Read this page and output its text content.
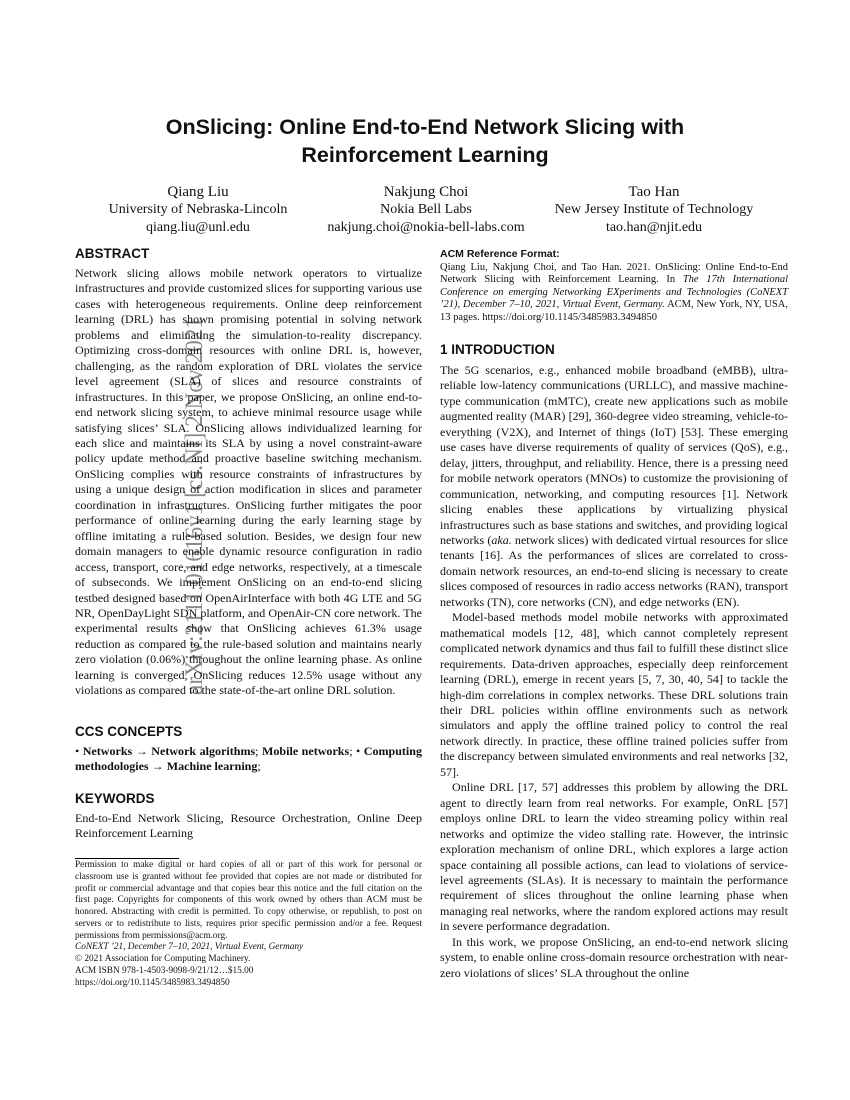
arXiv:2111.01616v1 [cs.NI] 2 Nov 2021
OnSlicing: Online End-to-End Network Slicing with
Reinforcement Learning
Qiang Liu
University of Nebraska-Lincoln
qiang.liu@unl.edu
Nakjung Choi
Nokia Bell Labs
nakjung.choi@nokia-bell-labs.com
Tao Han
New Jersey Institute of Technology
tao.han@njit.edu
ABSTRACT

Network slicing allows mobile network operators to virtualize infrastructures and provide customized slices for supporting various use cases with heterogeneous requirements. Online deep reinforcement learning (DRL) has shown promising potential in solving network problems and eliminating the simulation-to-reality discrepancy. Optimizing cross-domain resources with online DRL is, however, challenging, as the random exploration of DRL violates the service level agreement (SLA) of slices and resource constraints of infrastructures. In this paper, we propose OnSlicing, an online end-to-end network slicing system, to achieve minimal resource usage while satisfying slices’ SLA. OnSlicing allows individualized learning for each slice and maintains its SLA by using a novel constraint-aware policy update method and proactive baseline switching mechanism. OnSlicing complies with resource constraints of infrastructures by using a unique design of action modification in slices and parameter coordination in infrastructures. OnSlicing further mitigates the poor performance of online learning during the early learning stage by offline imitating a rule-based solution. Besides, we design four new domain managers to enable dynamic resource configuration in radio access, transport, core, and edge networks, respectively, at a timescale of subseconds. We implement OnSlicing on an end-to-end slicing testbed designed based on OpenAirInterface with both 4G LTE and 5G NR, OpenDayLight SDN platform, and OpenAir-CN core network. The experimental results show that OnSlicing achieves 61.3% usage reduction as compared to the rule-based solution and maintains nearly zero violation (0.06%) throughout the online learning phase. As online learning is converged, OnSlicing reduces 12.5% usage without any violations as compared to the state-of-the-art online DRL solution.

CCS CONCEPTS

• Networks → Network algorithms; Mobile networks; • Computing methodologies → Machine learning;

KEYWORDS

End-to-End Network Slicing, Resource Orchestration, Online Deep Reinforcement Learning

Permission to make digital or hard copies of all or part of this work for personal or classroom use is granted without fee provided that copies are not made or distributed for profit or commercial advantage and that copies bear this notice and the full citation on the first page. Copyrights for components of this work owned by others than ACM must be honored. Abstracting with credit is permitted. To copy otherwise, or republish, to post on servers or to redistribute to lists, requires prior specific permission and/or a fee. Request permissions from permissions@acm.org.

CoNEXT ’21, December 7–10, 2021, Virtual Event, Germany

© 2021 Association for Computing Machinery.

ACM ISBN 978-1-4503-9098-9/21/12…$15.00

https://doi.org/10.1145/3485983.3494850

ACM Reference Format:

Qiang Liu, Nakjung Choi, and Tao Han. 2021. OnSlicing: Online End-to-End Network Slicing with Reinforcement Learning. In The 17th International Conference on emerging Networking EXperiments and Technologies (CoNEXT ’21), December 7–10, 2021, Virtual Event, Germany. ACM, New York, NY, USA, 13 pages. https://doi.org/10.1145/3485983.3494850

1 INTRODUCTION

The 5G scenarios, e.g., enhanced mobile broadband (eMBB), ultra-reliable low-latency communications (URLLC), and massive machine-type communication (mMTC), create new applications such as mobile augmented reality (MAR) [29], 360-degree video streaming, vehicle-to-everything (V2X), and Internet of things (IoT) [53]. These emerging use cases have diverse requirements of quality of services (QoS), e.g., delay, jitters, throughput, and reliability. Hence, there is a pressing need for mobile network operators (MNOs) to customize the provisioning of communication, networking, and computing resources [1]. Network slicing enables these applications by virtualizing physical infrastructures such as base stations and switches, and providing logical networks (aka. network slices) with dedicated virtual resources for slice tenants [16]. As the performances of slices are correlated to cross-domain network resources, an end-to-end slicing is necessary to create slices composed of resources in radio access networks (RAN), transport networks (TN), core networks (CN), and edge networks (EN).

Model-based methods model mobile networks with approximated mathematical models [12, 48], which cannot completely represent complicated network dynamics and thus fail to fulfill these distinct slice requirements. Data-driven approaches, especially deep reinforcement learning (DRL), emerge in recent years [5, 7, 30, 40, 54] to tackle the high-dim correlations in complex networks. These DRL solutions train their DRL policies within offline environments such as network simulators and apply the offline trained policy to control the real network directly. In practice, these offline trained policies suffer from the discrepancy between simulated environments and real networks [32, 57].

Online DRL [17, 57] addresses this problem by allowing the DRL agent to directly learn from real networks. For example, OnRL [57] employs online DRL to learn the video streaming policy within real networks and optimize the video stalling rate. However, the intrinsic exploration mechanism of online DRL, which explores a large action space containing all possible actions, can lead to violations of service-level agreements (SLAs). It is necessary to maintain the performance requirement of slices throughout the online learning phase when managing real networks, where the random explored actions may result in severe performance degradation.

In this work, we propose OnSlicing, an end-to-end network slicing system, to enable online cross-domain resource orchestration with near-zero violations of slices’ SLA throughout the online
